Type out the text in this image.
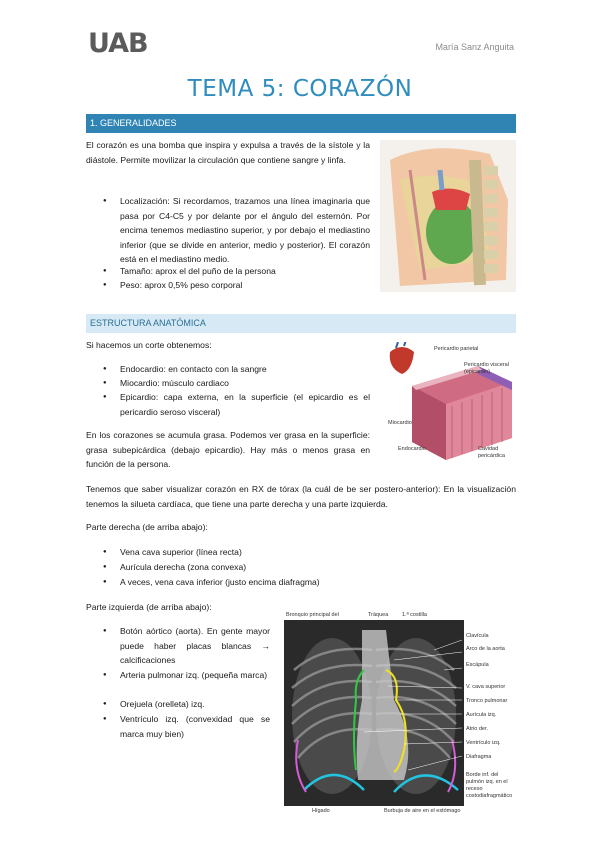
UAB	María Sanz Anguita
TEMA 5: CORAZÓN
1. GENERALIDADES
El corazón es una bomba que inspira y expulsa a través de la sístole y la diástole. Permite movilizar la circulación que contiene sangre y linfa.
● Localización: Si recordamos, trazamos una línea imaginaria que pasa por C4-C5 y por delante por el ángulo del esternón. Por encima tenemos mediastino superior, y por debajo el mediastino inferior (que se divide en anterior, medio y posterior). El corazón está en el mediastino medio.
● Tamaño: aprox el del puño de la persona
● Peso: aprox 0,5% peso corporal
ESTRUCTURA ANATÓMICA
Si hacemos un corte obtenemos:
● Endocardio: en contacto con la sangre
● Miocardio: músculo cardiaco
● Epicardio: capa externa, en la superficie (el epicardio es el pericardio seroso visceral)
En los corazones se acumula grasa. Podemos ver grasa en la superficie: grasa subepicárdica (debajo epicardio). Hay más o menos grasa en función de la persona.
Pericardio parietal
Pericardio visceral (epicardio)
Miocardio
Endocardio	Cavidad pericárdica
Tenemos que saber visualizar corazón en RX de tórax (la cuál de be ser postero-anterior): En la visualización tenemos la silueta cardíaca, que tiene una parte derecha y una parte izquierda.
Parte derecha (de arriba abajo):
● Vena cava superior (línea recta)
● Aurícula derecha (zona convexa)
● A veces, vena cava inferior (justo encima diafragma)
Parte izquierda (de arriba abajo):
● Botón aórtico (aorta). En gente mayor puede haber placas blancas → calcificaciones
● Arteria pulmonar izq. (pequeña marca)
● Orejuela (orelleta) izq.
● Ventrículo izq. (convexidad que se marca muy bien)
Bronquio principal del	Tráquea 1.ª costilla
Clavícula
Arco de la aorta
Escápula
V. cava superior
Tronco pulmonar
Aurícula izq.
Atrio der.
Ventrículo izq.
Diafragma
Borde inf. del pulmón izq. en el receso costodiafragmático
Hígado	Burbuja de aire en el estómago
